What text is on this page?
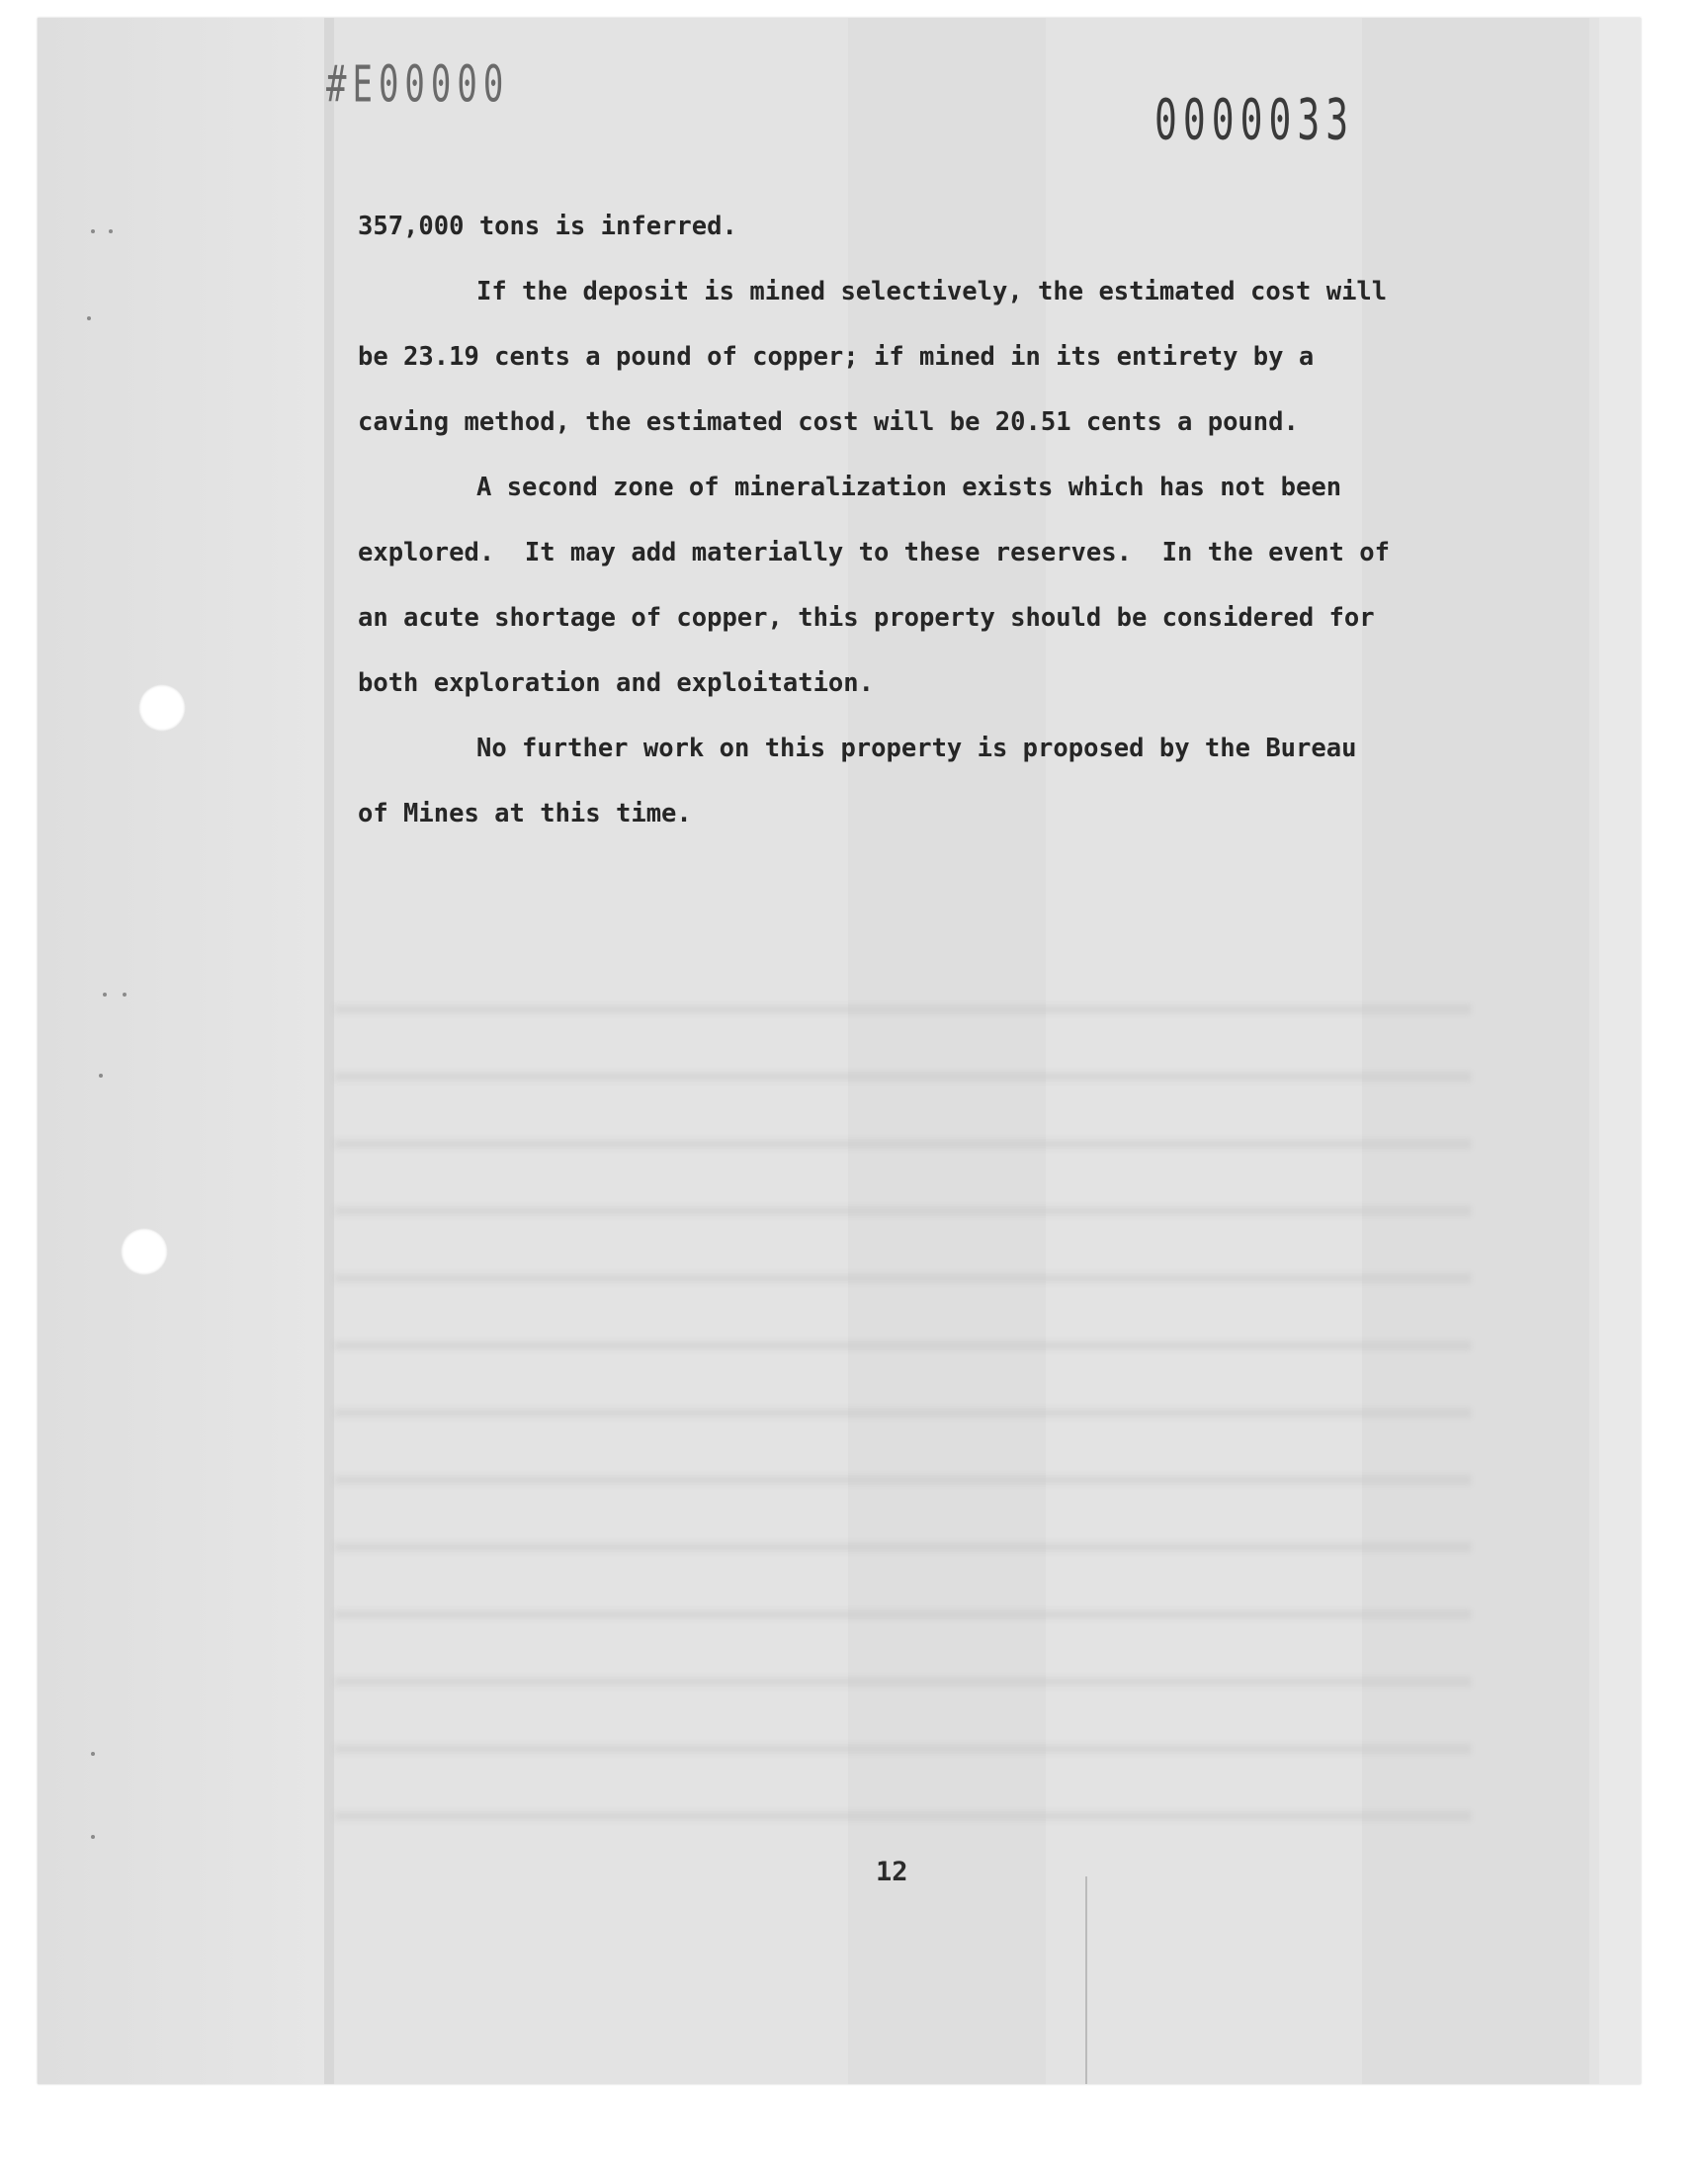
#E00000
0000033

357,000 tons is inferred.

If the deposit is mined selectively, the estimated cost will

be 23.19 cents a pound of copper; if mined in its entirety by a

caving method, the estimated cost will be 20.51 cents a pound.

A second zone of mineralization exists which has not been

explored.  It may add materially to these reserves.  In the event of

an acute shortage of copper, this property should be considered for

both exploration and exploitation.

No further work on this property is proposed by the Bureau

of Mines at this time.

12
